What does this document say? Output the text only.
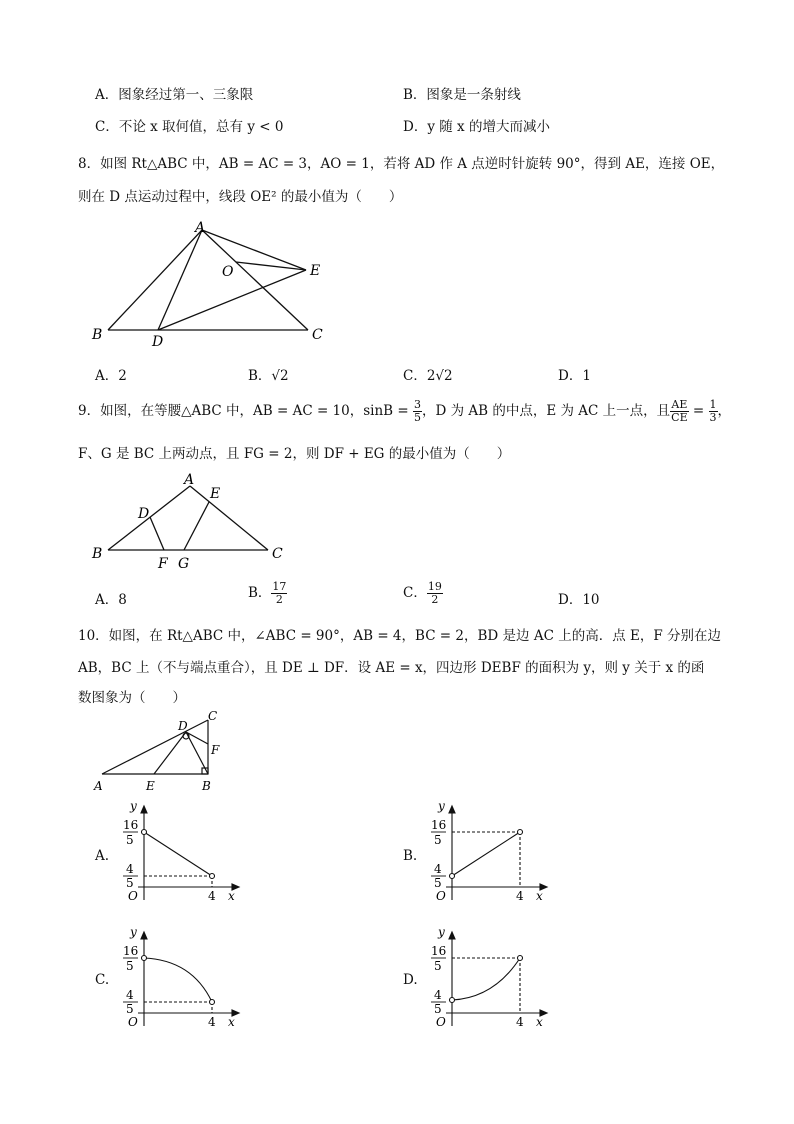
A．图象经过第一、三象限	B．图象是一条射线
C．不论 x 取何值，总有 y < 0	D．y 随 x 的增大而减小
8．如图 Rt△ABC 中，AB = AC = 3，AO = 1，若将 AD 作 A 点逆时针旋转 90°，得到 AE，连接 OE，
则在 D 点运动过程中，线段 OE² 的最小值为（　　）
A
B	C
D
E
O
A．2	B．√2	C．2√2	D．1
9．如图，在等腰△ABC 中，AB = AC = 10，$\sin B = \frac{3}{5}$ ，D 为 AB 的中点，E 为 AC 上一点，且 $\frac{AE}{CE} = \frac{1}{3}$ ，
F、G 是 BC 上两动点，且 FG = 2，则 DF + EG 的最小值为（　　）
A
B	C
D
E
F G
A．8	B． $\frac{17}{2}$	C． $\frac{19}{2}$	D．10
10．如图，在 Rt△ABC 中，∠ABC = 90°，AB = 4，BC = 2，BD 是边 AC 上的高．点 E，F 分别在边
AB，BC 上（不与端点重合），且 DE ⊥ DF．设 AE = x，四边形 DEBF 的面积为 y，则 y 关于 x 的函
数图象为（　　）
A	B
C
D
E
F
A.
y
16
5
4
5
O	4 x
B.
y
16
5
4
5
O	4 x
C.
y
16
5
4
5
O	4 x
D.
y
16
5
4
5
O	4 x
